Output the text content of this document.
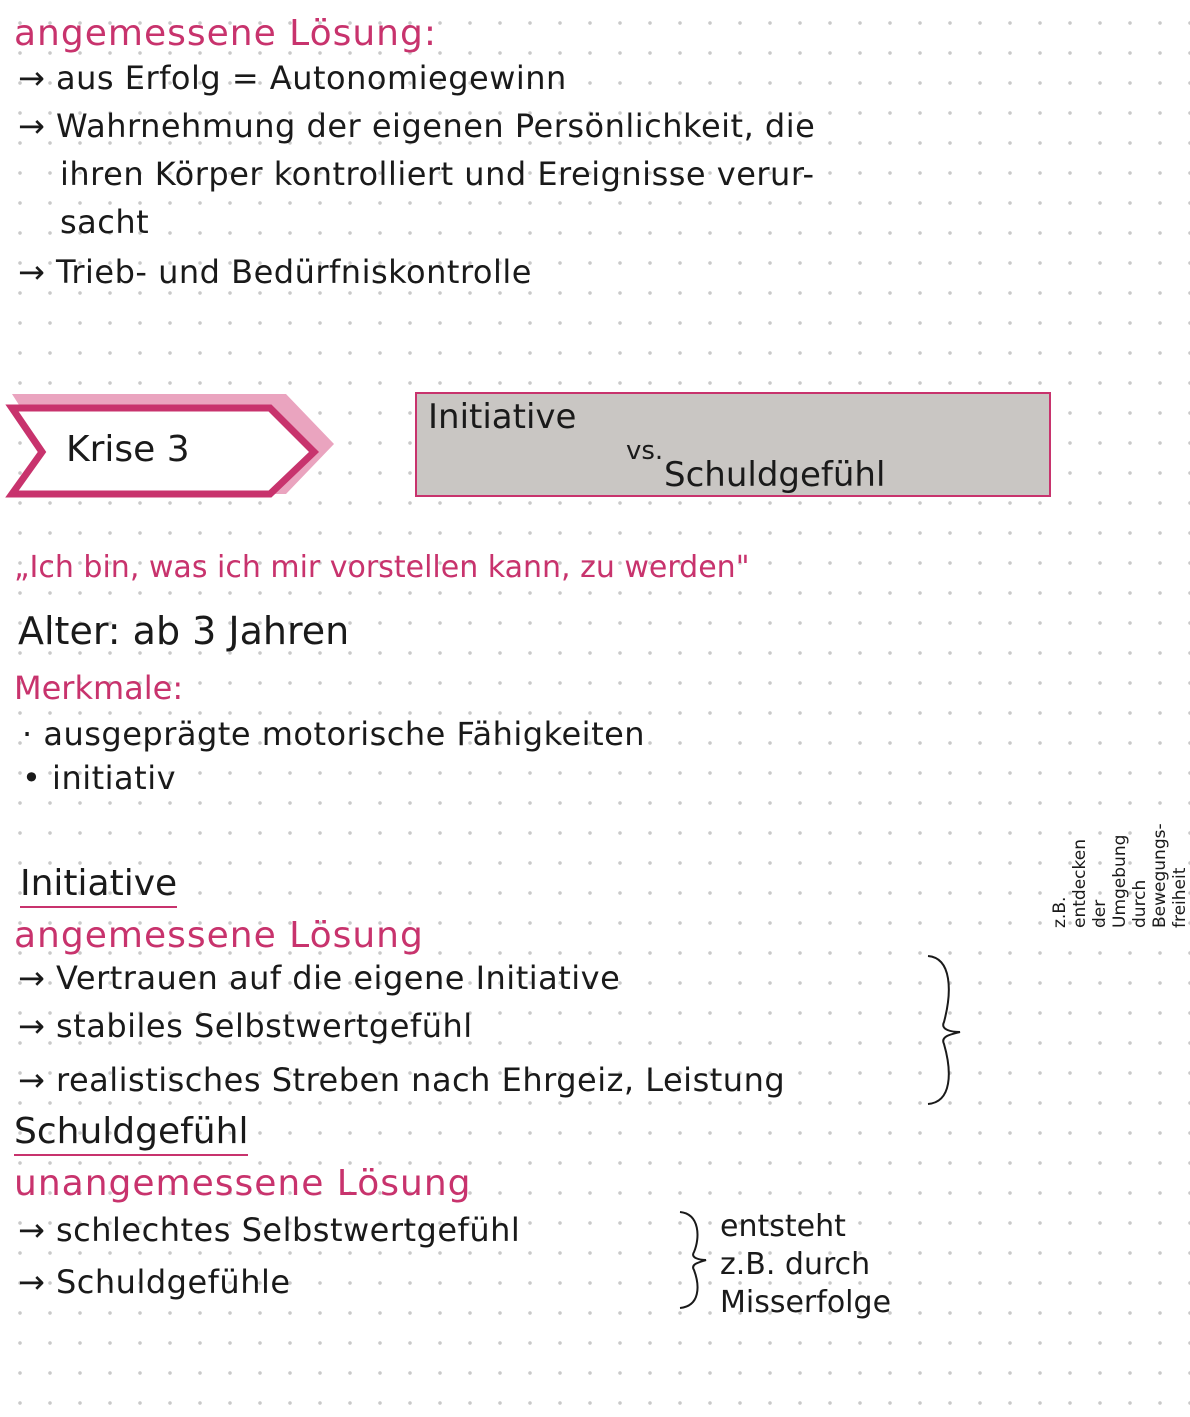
angemessene Lösung:
→ aus Erfolg = Autonomiegewinn
→ Wahrnehmung der eigenen Persönlichkeit, die
ihren Körper kontrolliert und Ereignisse verur-
sacht
→ Trieb- und Bedürfniskontrolle
Krise 3
Initiative
vs.
Schuldgefühl
„Ich bin, was ich mir vorstellen kann, zu werden"
Alter: ab 3 Jahren
Merkmale:
· ausgeprägte motorische Fähigkeiten
• initiativ
Initiative
angemessene Lösung
→ Vertrauen auf die eigene Initiative
→ stabiles Selbstwertgefühl
→ realistisches Streben nach Ehrgeiz, Leistung
z.B. entdecken der Umgebung durch Bewegungs- freiheit
Schuldgefühl
unangemessene Lösung
→ schlechtes Selbstwertgefühl
→ Schuldgefühle
entsteht
z.B. durch
Misserfolge
